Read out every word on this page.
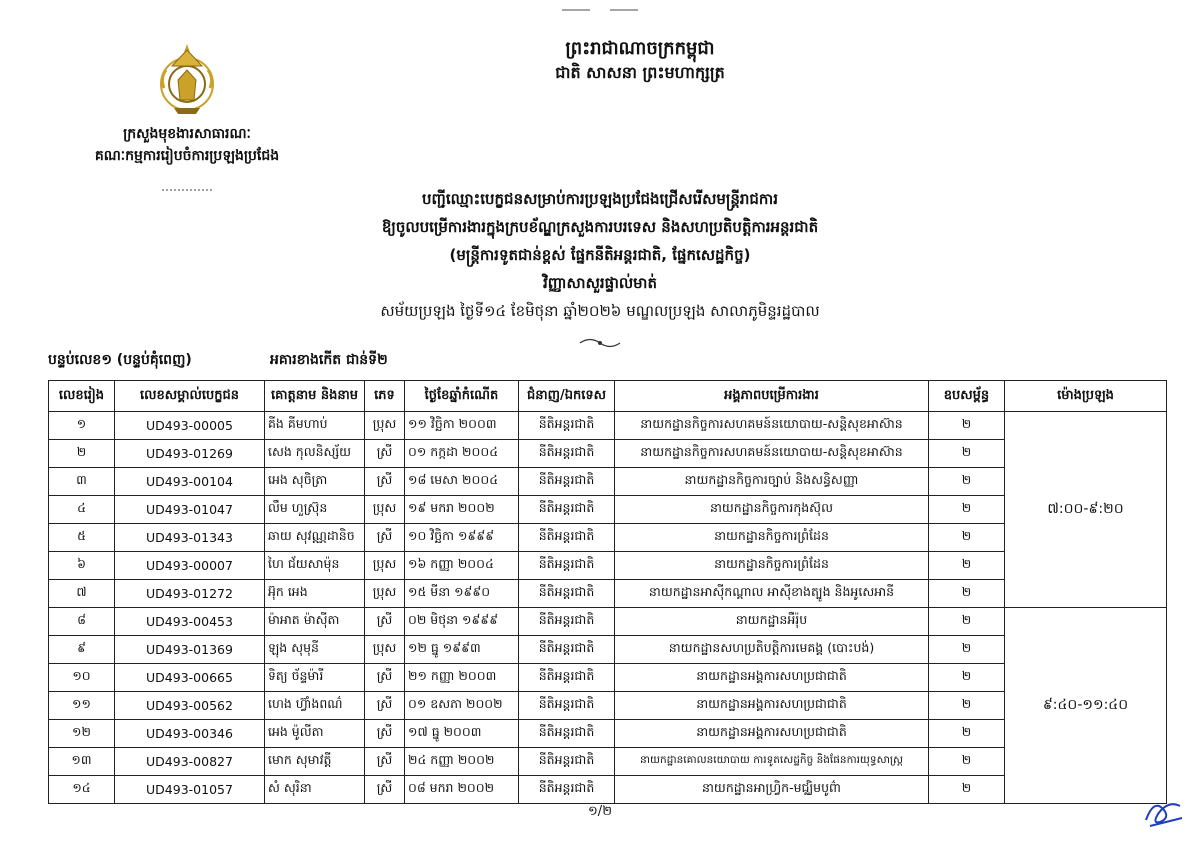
ព្រះរាជាណាចក្រកម្ពុជា
ជាតិ សាសនា ព្រះមហាក្សត្រ
ក្រសួងមុខងារសាធារណៈ
គណៈកម្មការរៀបចំការប្រឡងប្រជែង
បញ្ជីឈ្មោះបេក្ខជនសម្រាប់ការប្រឡងប្រជែងជ្រើសរើសមន្ត្រីរាជការ
ឱ្យចូលបម្រើការងារក្នុងក្របខ័ណ្ឌក្រសួងការបរទេស និងសហប្រតិបត្តិការអន្តរជាតិ
(មន្ត្រីការទូតជាន់ខ្ពស់ ផ្នែកនីតិអន្តរជាតិ, ផ្នែកសេដ្ឋកិច្ច)
វិញ្ញាសាសួរផ្ទាល់មាត់
សម័យប្រឡង ថ្ងៃទី១៤ ខែមិថុនា ឆ្នាំ២០២៦ មណ្ឌលប្រឡង សាលាភូមិន្ទរដ្ឋបាល
បន្ទប់លេខ១ (បន្ទប់គុំពេញ)	អគារខាងកើត ជាន់ទី២
លេខរៀង	លេខសម្គាល់បេក្ខជន	គោត្តនាម និងនាម	ភេទ	ថ្ងៃខែឆ្នាំកំណើត	ជំនាញ/ឯកទេស	អង្គភាពបម្រើការងារ	ឧបសម្ព័ន្ធ	ម៉ោងប្រឡង
១	UD493-00005	គីង គីមហាប់	ប្រុស	១១ វិច្ឆិកា ២០០៣	នីតិអន្តរជាតិ	នាយកដ្ឋានកិច្ចការសហគមន៍នយោបាយ-សន្តិសុខអាស៊ាន	២	៧:០០-៩:២០
២	UD493-01269	សេង កុលនិស្ស័យ	ស្រី	០១ កក្កដា ២០០៤	នីតិអន្តរជាតិ	នាយកដ្ឋានកិច្ចការសហគមន៍នយោបាយ-សន្តិសុខអាស៊ាន	២	
៣	UD493-00104	អេង សុចិត្រា	ស្រី	១៨ មេសា ២០០៤	នីតិអន្តរជាតិ	នាយកដ្ឋានកិច្ចការច្បាប់ និងសន្ធិសញ្ញា	២	
៤	UD493-01047	លឹម ហួស្រ៊ុន	ប្រុស	១៩ មករា ២០០២	នីតិអន្តរជាតិ	នាយកដ្ឋានកិច្ចការកុងស៊ុល	២	
៥	UD493-01343	ឆាយ សុវណ្ណដានិច	ស្រី	១០ វិច្ឆិកា ១៩៩៩	នីតិអន្តរជាតិ	នាយកដ្ឋានកិច្ចការព្រំដែន	២	
៦	UD493-00007	ហៃ ជ័យសាម៉ុន	ប្រុស	១៦ កញ្ញា ២០០៤	នីតិអន្តរជាតិ	នាយកដ្ឋានកិច្ចការព្រំដែន	២	
៧	UD493-01272	អ៊ុក អេង	ប្រុស	១៥ មីនា ១៩៩០	នីតិអន្តរជាតិ	នាយកដ្ឋានអាស៊ីកណ្តាល អាស៊ីខាងត្បូង និងអូសេអានី	២	
៨	UD493-00453	ម៉ាអាត ម៉ាស៊ីតា	ស្រី	០២ មិថុនា ១៩៩៩	នីតិអន្តរជាតិ	នាយកដ្ឋានអឺរ៉ុប	២	៩:៤០-១១:៤០
៩	UD493-01369	ឡុង សុមុនី	ប្រុស	១២ ធ្នូ ១៩៩៣	នីតិអន្តរជាតិ	នាយកដ្ឋានសហប្រតិបត្តិការមេគង្គ (បោះបង់)	២	
១០	UD493-00665	ទិត្យ ច័ន្ទម៉ារី	ស្រី	២១ កញ្ញា ២០០៣	នីតិអន្តរជាតិ	នាយកដ្ឋានអង្គការសហប្រជាជាតិ	២	
១១	UD493-00562	ហេង ហ៊្វាំងពណ៌	ស្រី	០១ ឧសភា ២០០២	នីតិអន្តរជាតិ	នាយកដ្ឋានអង្គការសហប្រជាជាតិ	២	
១២	UD493-00346	អេង ម៉ូលីតា	ស្រី	១៧ ធ្នូ ២០០៣	នីតិអន្តរជាតិ	នាយកដ្ឋានអង្គការសហប្រជាជាតិ	២	
១៣	UD493-00827	មោក សុមាវត្តី	ស្រី	២៤ កញ្ញា ២០០២	នីតិអន្តរជាតិ	នាយកដ្ឋានគោលនយោបាយ ការទូតសេដ្ឋកិច្ច និងផែនការយុទ្ធសាស្ត្រ	២	
១៤	UD493-01057	សំ សុរិនា	ស្រី	០៨ មករា ២០០២	នីតិអន្តរជាតិ	នាយកដ្ឋានអាហ្វ្រិក-មជ្ឈិមបូព៌ា	២	
១/២
